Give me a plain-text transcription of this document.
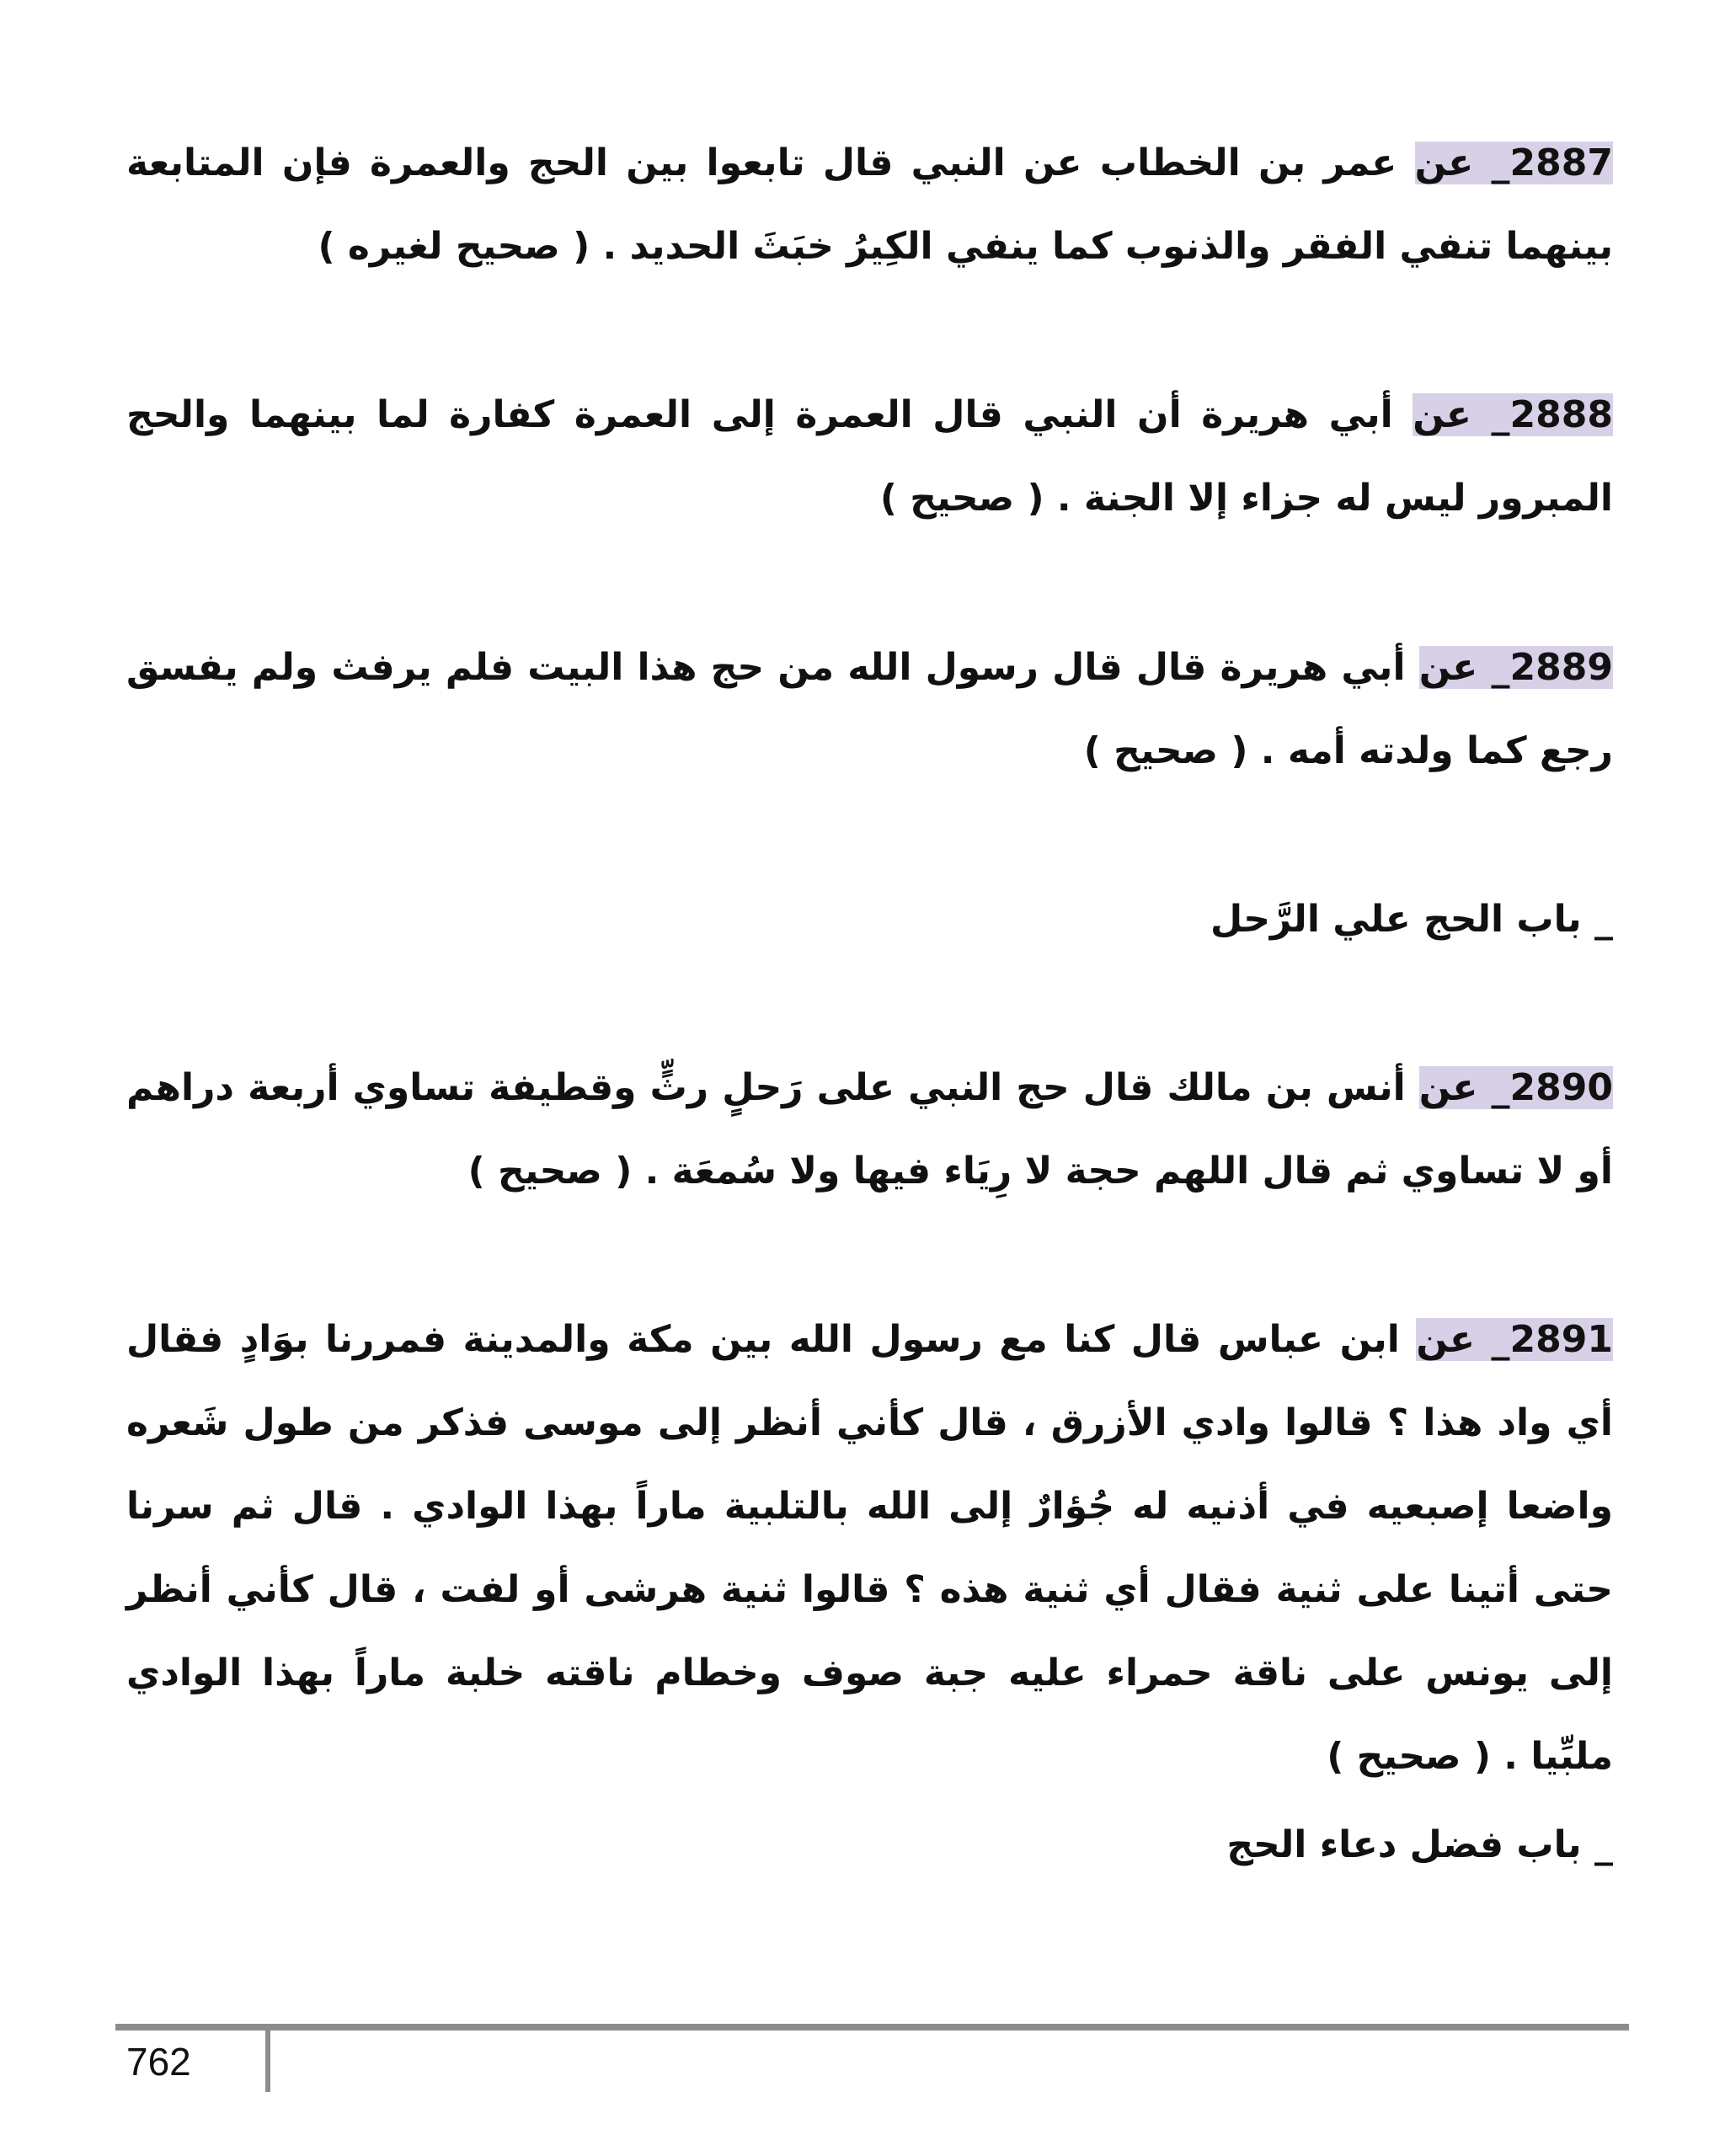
2887_ عن عمر بن الخطاب عن النبي قال تابعوا بين الحج والعمرة فإن المتابعة بينهما تنفي الفقر والذنوب كما ينفي الكِيرُ خبَثَ الحديد . ( صحيح لغيره )
2888_ عن أبي هريرة أن النبي قال العمرة إلى العمرة كفارة لما بينهما والحج المبرور ليس له جزاء إلا الجنة . ( صحيح )
2889_ عن أبي هريرة قال قال رسول الله من حج هذا البيت فلم يرفث ولم يفسق رجع كما ولدته أمه . ( صحيح )
_ باب الحج علي الرَّحل
2890_ عن أنس بن مالك قال حج النبي على رَحلٍ رثٍّ وقطيفة تساوي أربعة دراهم أو لا تساوي ثم قال اللهم حجة لا رِيَاء فيها ولا سُمعَة . ( صحيح )
2891_ عن ابن عباس قال كنا مع رسول الله بين مكة والمدينة فمررنا بوَادٍ فقال أي واد هذا ؟ قالوا وادي الأزرق ، قال كأني أنظر إلى موسى فذكر من طول شَعره واضعا إصبعيه في أذنيه له جُؤارٌ إلى الله بالتلبية ماراً بهذا الوادي . قال ثم سرنا حتى أتينا على ثنية فقال أي ثنية هذه ؟ قالوا ثنية هرشى أو لفت ، قال كأني أنظر إلى يونس على ناقة حمراء عليه جبة صوف وخطام ناقته خلبة ماراً بهذا الوادي ملبِّيا . ( صحيح )
_ باب فضل دعاء الحج
762
